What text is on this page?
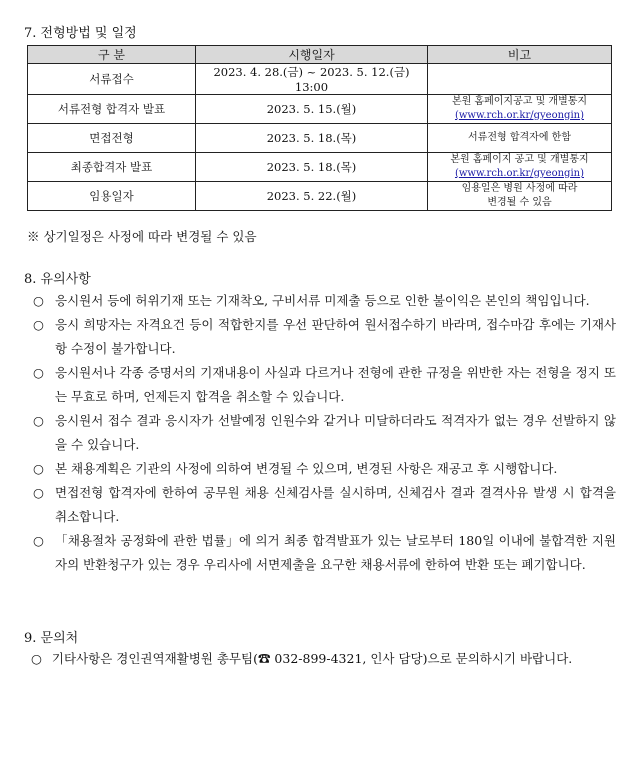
7. 전형방법 및 일정
구 분	시행일자	비고
서류접수	2023. 4. 28.(금) ~ 2023. 5. 12.(금) 13:00	
서류전형 합격자 발표	2023. 5. 15.(월)	본원 홈페이지공고 및 개별통지
(www.rch.or.kr/gyeongin)

면접전형	2023. 5. 18.(목)	서류전형 합격자에 한함

최종합격자 발표	2023. 5. 18.(목)	본원 홈페이지 공고 및 개별통지
(www.rch.or.kr/gyeongin)

임용일자	2023. 5. 22.(월)	임용일은 병원 사정에 따라
변경될 수 있음
※ 상기일정은 사정에 따라 변경될 수 있음
8. 유의사항
○ 응시원서 등에 허위기재 또는 기재착오, 구비서류 미제출 등으로 인한 불이익은 본인의 책임입니다.
○ 응시 희망자는 자격요건 등이 적합한지를 우선 판단하여 원서접수하기 바라며, 접수마감 후에는 기재사항 수정이 불가합니다.
○ 응시원서나 각종 증명서의 기재내용이 사실과 다르거나 전형에 관한 규정을 위반한 자는 전형을 정지 또는 무효로 하며, 언제든지 합격을 취소할 수 있습니다.
○ 응시원서 접수 결과 응시자가 선발예정 인원수와 같거나 미달하더라도 적격자가 없는 경우 선발하지 않을 수 있습니다.
○ 본 채용계획은 기관의 사정에 의하여 변경될 수 있으며, 변경된 사항은 재공고 후 시행합니다.
○ 면접전형 합격자에 한하여 공무원 채용 신체검사를 실시하며, 신체검사 결과 결격사유 발생 시 합격을 취소합니다.
○ 「채용절차 공정화에 관한 법률」에 의거 최종 합격발표가 있는 날로부터 180일 이내에 불합격한 지원자의 반환청구가 있는 경우 우리사에 서면제출을 요구한 채용서류에 한하여 반환 또는 폐기합니다.
9. 문의처
○ 기타사항은 경인권역재활병원 총무팀(☎ 032-899-4321, 인사 담당)으로 문의하시기 바랍니다.
